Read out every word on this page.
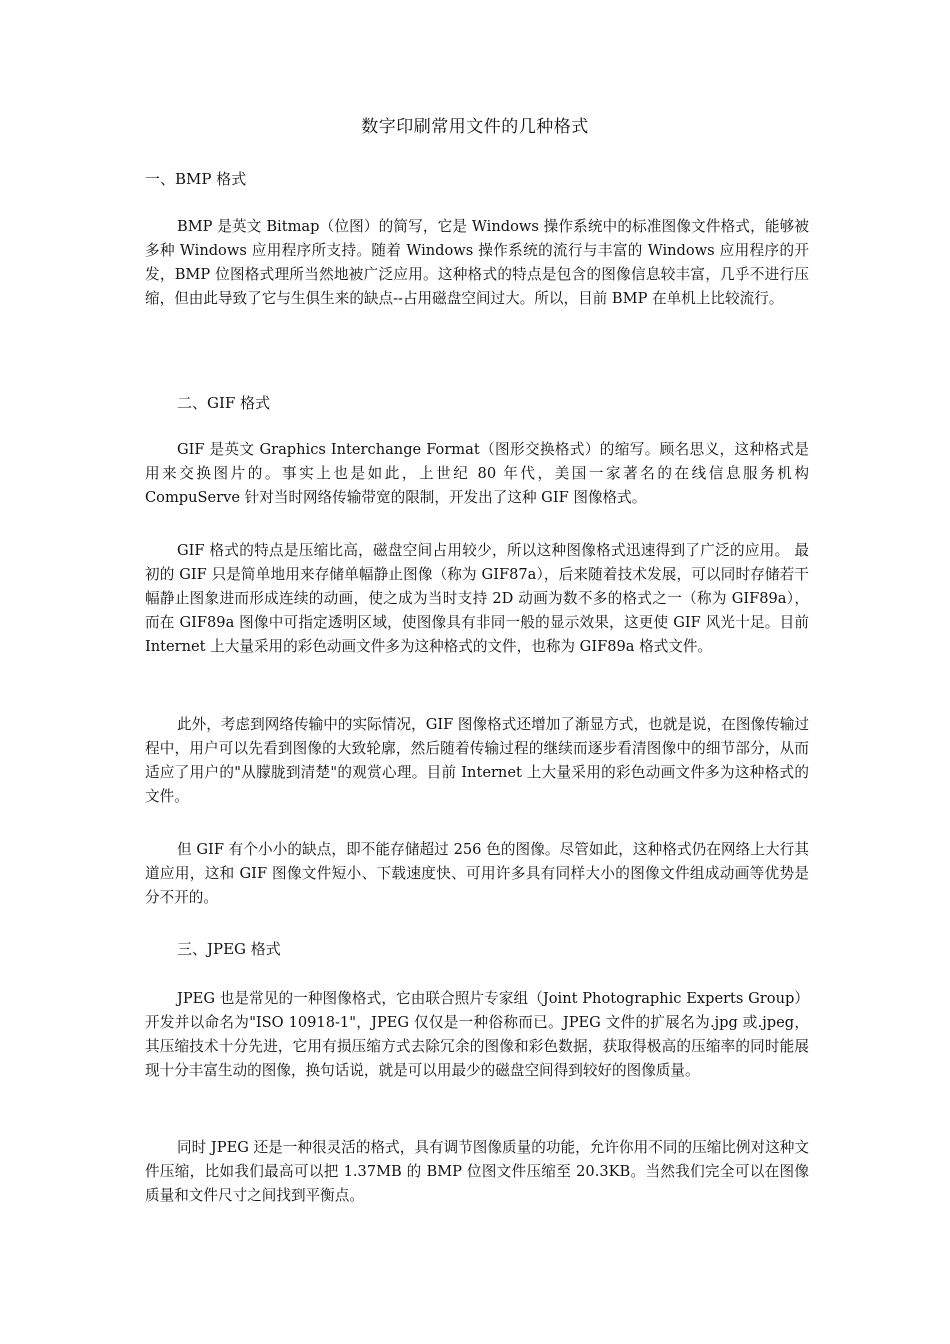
数字印刷常用文件的几种格式
一、BMP 格式

BMP 是英文 Bitmap（位图）的简写，它是 Windows 操作系统中的标准图像文件格式，能够被多种 Windows 应用程序所支持。随着 Windows 操作系统的流行与丰富的 Windows 应用程序的开发，BMP 位图格式理所当然地被广泛应用。这种格式的特点是包含的图像信息较丰富，几乎不进行压缩，但由此导致了它与生俱生来的缺点--占用磁盘空间过大。所以，目前 BMP 在单机上比较流行。

二、GIF 格式

GIF 是英文 Graphics Interchange Format（图形交换格式）的缩写。顾名思义，这种格式是用来交换图片的。事实上也是如此，上世纪 80 年代，美国一家著名的在线信息服务机构 CompuServe 针对当时网络传输带宽的限制，开发出了这种 GIF 图像格式。

GIF 格式的特点是压缩比高，磁盘空间占用较少，所以这种图像格式迅速得到了广泛的应用。 最初的 GIF 只是简单地用来存储单幅静止图像（称为 GIF87a），后来随着技术发展，可以同时存储若干幅静止图象进而形成连续的动画，使之成为当时支持 2D 动画为数不多的格式之一（称为 GIF89a），而在 GIF89a 图像中可指定透明区域，使图像具有非同一般的显示效果，这更使 GIF 风光十足。目前 Internet 上大量采用的彩色动画文件多为这种格式的文件，也称为 GIF89a 格式文件。

此外，考虑到网络传输中的实际情况，GIF 图像格式还增加了渐显方式，也就是说，在图像传输过程中，用户可以先看到图像的大致轮廓，然后随着传输过程的继续而逐步看清图像中的细节部分，从而适应了用户的"从朦胧到清楚"的观赏心理。目前 Internet 上大量采用的彩色动画文件多为这种格式的文件。

但 GIF 有个小小的缺点，即不能存储超过 256 色的图像。尽管如此，这种格式仍在网络上大行其道应用，这和 GIF 图像文件短小、下载速度快、可用许多具有同样大小的图像文件组成动画等优势是分不开的。

三、JPEG 格式

JPEG 也是常见的一种图像格式，它由联合照片专家组（Joint Photographic Experts Group）开发并以命名为"ISO 10918-1"，JPEG 仅仅是一种俗称而已。JPEG 文件的扩展名为.jpg 或.jpeg，其压缩技术十分先进，它用有损压缩方式去除冗余的图像和彩色数据，获取得极高的压缩率的同时能展现十分丰富生动的图像，换句话说，就是可以用最少的磁盘空间得到较好的图像质量。

同时 JPEG 还是一种很灵活的格式，具有调节图像质量的功能，允许你用不同的压缩比例对这种文件压缩，比如我们最高可以把 1.37MB 的 BMP 位图文件压缩至 20.3KB。当然我们完全可以在图像质量和文件尺寸之间找到平衡点。
